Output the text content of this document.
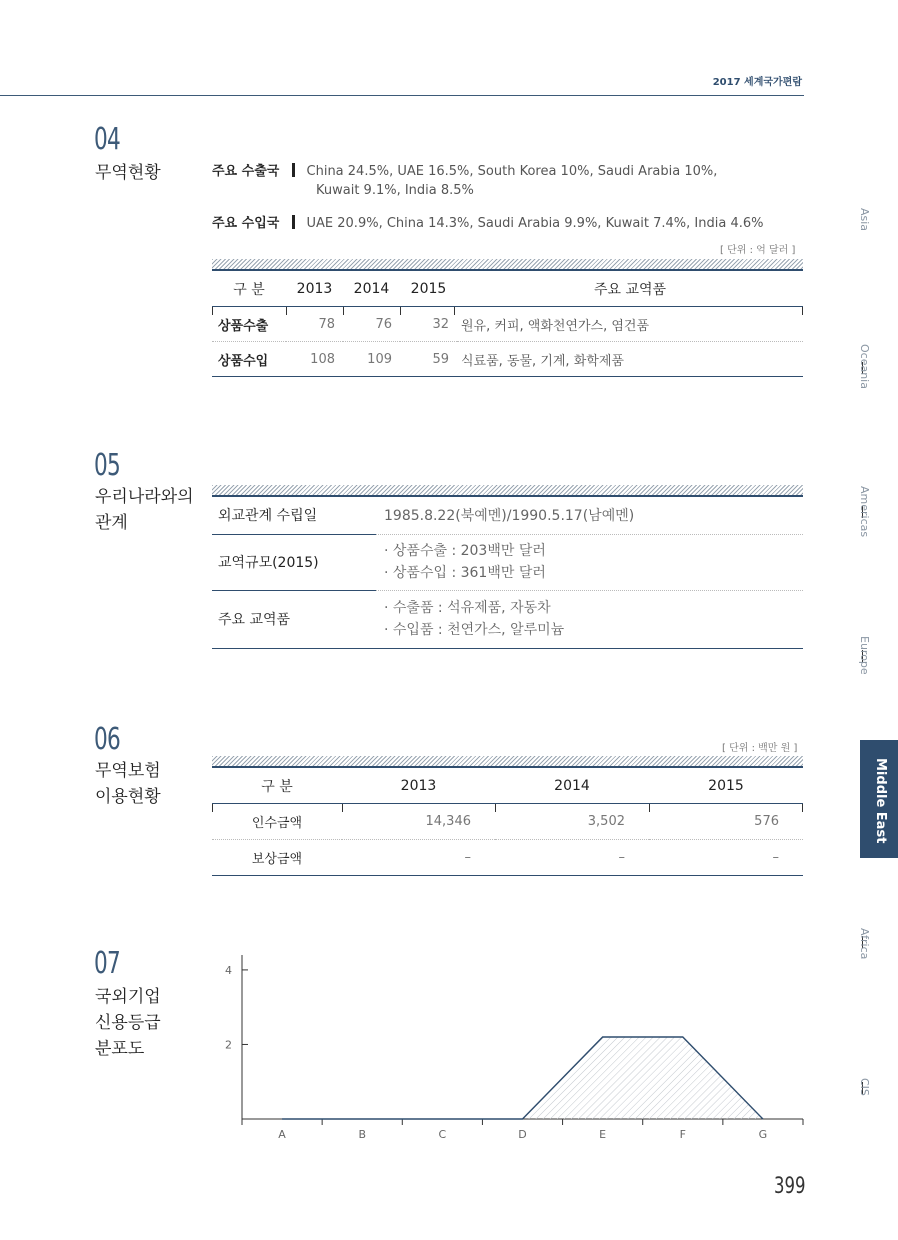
2017 세계국가편람
Asia
Oceania
Americas
Europe
Middle East
Africa
CIS
04
무역현황	주요 수출국 China 24.5%, UAE 16.5%, South Korea 10%, Saudi Arabia 10%,
Kuwait 9.1%, India 8.5%
주요 수입국 UAE 20.9%, China 14.3%, Saudi Arabia 9.9%, Kuwait 7.4%, India 4.6%
[ 단위 : 억 달러 ]
구 분	2013	2014	2015	주요 교역품
상품수출	78	76	32	원유, 커피, 액화천연가스, 염건품
상품수입	108	109	59	식료품, 동물, 기계, 화학제품
05
우리나라와의
관계	외교관계 수립일	1985.8.22(북예멘)/1990.5.17(남예멘)
교역규모(2015)	· 상품수출 : 203백만 달러
· 상품수입 : 361백만 달러

주요 교역품	· 수출품 : 석유제품, 자동차
· 수입품 : 천연가스, 알루미늄
06
무역보험
이용현황
[ 단위 : 백만 원 ]
구 분	2013	2014	2015
인수금액	14,346	3,502	576
보상금액	–	–	–
07
국외기업
신용등급
분포도
A	B	C	D	E	F	G
4
2
399
